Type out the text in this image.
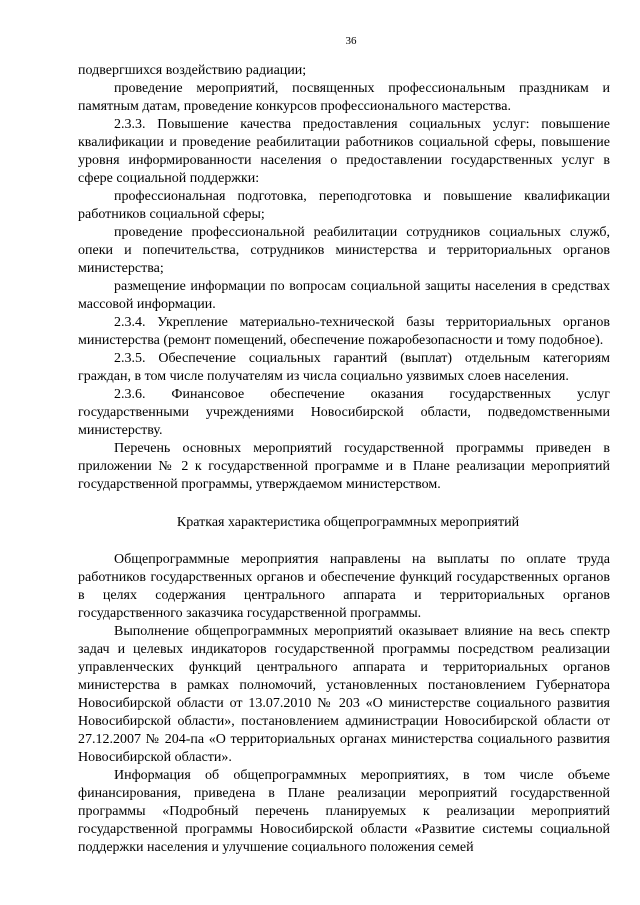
36

подвергшихся воздействию радиации;

проведение мероприятий, посвященных профессиональным праздникам и памятным датам, проведение конкурсов профессионального мастерства.

2.3.3. Повышение качества предоставления социальных услуг: повышение квалификации и проведение реабилитации работников социальной сферы, повышение уровня информированности населения о предоставлении государственных услуг в сфере социальной поддержки:

профессиональная подготовка, переподготовка и повышение квалификации работников социальной сферы;

проведение профессиональной реабилитации сотрудников социальных служб, опеки и попечительства, сотрудников министерства и территориальных органов министерства;

размещение информации по вопросам социальной защиты населения в средствах массовой информации.

2.3.4. Укрепление материально-технической базы территориальных органов министерства (ремонт помещений, обеспечение пожаробезопасности и тому подобное).

2.3.5. Обеспечение социальных гарантий (выплат) отдельным категориям граждан, в том числе получателям из числа социально уязвимых слоев населения.

2.3.6. Финансовое обеспечение оказания государственных услуг государственными учреждениями Новосибирской области, подведомственными министерству.

Перечень основных мероприятий государственной программы приведен в приложении № 2 к государственной программе и в Плане реализации мероприятий государственной программы, утверждаемом министерством.

Краткая характеристика общепрограммных мероприятий

Общепрограммные мероприятия направлены на выплаты по оплате труда работников государственных органов и обеспечение функций государственных органов в целях содержания центрального аппарата и территориальных органов государственного заказчика государственной программы.

Выполнение общепрограммных мероприятий оказывает влияние на весь спектр задач и целевых индикаторов государственной программы посредством реализации управленческих функций центрального аппарата и территориальных органов министерства в рамках полномочий, установленных постановлением Губернатора Новосибирской области от 13.07.2010 № 203 «О министерстве социального развития Новосибирской области», постановлением администрации Новосибирской области от 27.12.2007 № 204-па «О территориальных органах министерства социального развития Новосибирской области».

Информация об общепрограммных мероприятиях, в том числе объеме финансирования, приведена в Плане реализации мероприятий государственной программы «Подробный перечень планируемых к реализации мероприятий государственной программы Новосибирской области «Развитие системы социальной поддержки населения и улучшение социального положения семей
